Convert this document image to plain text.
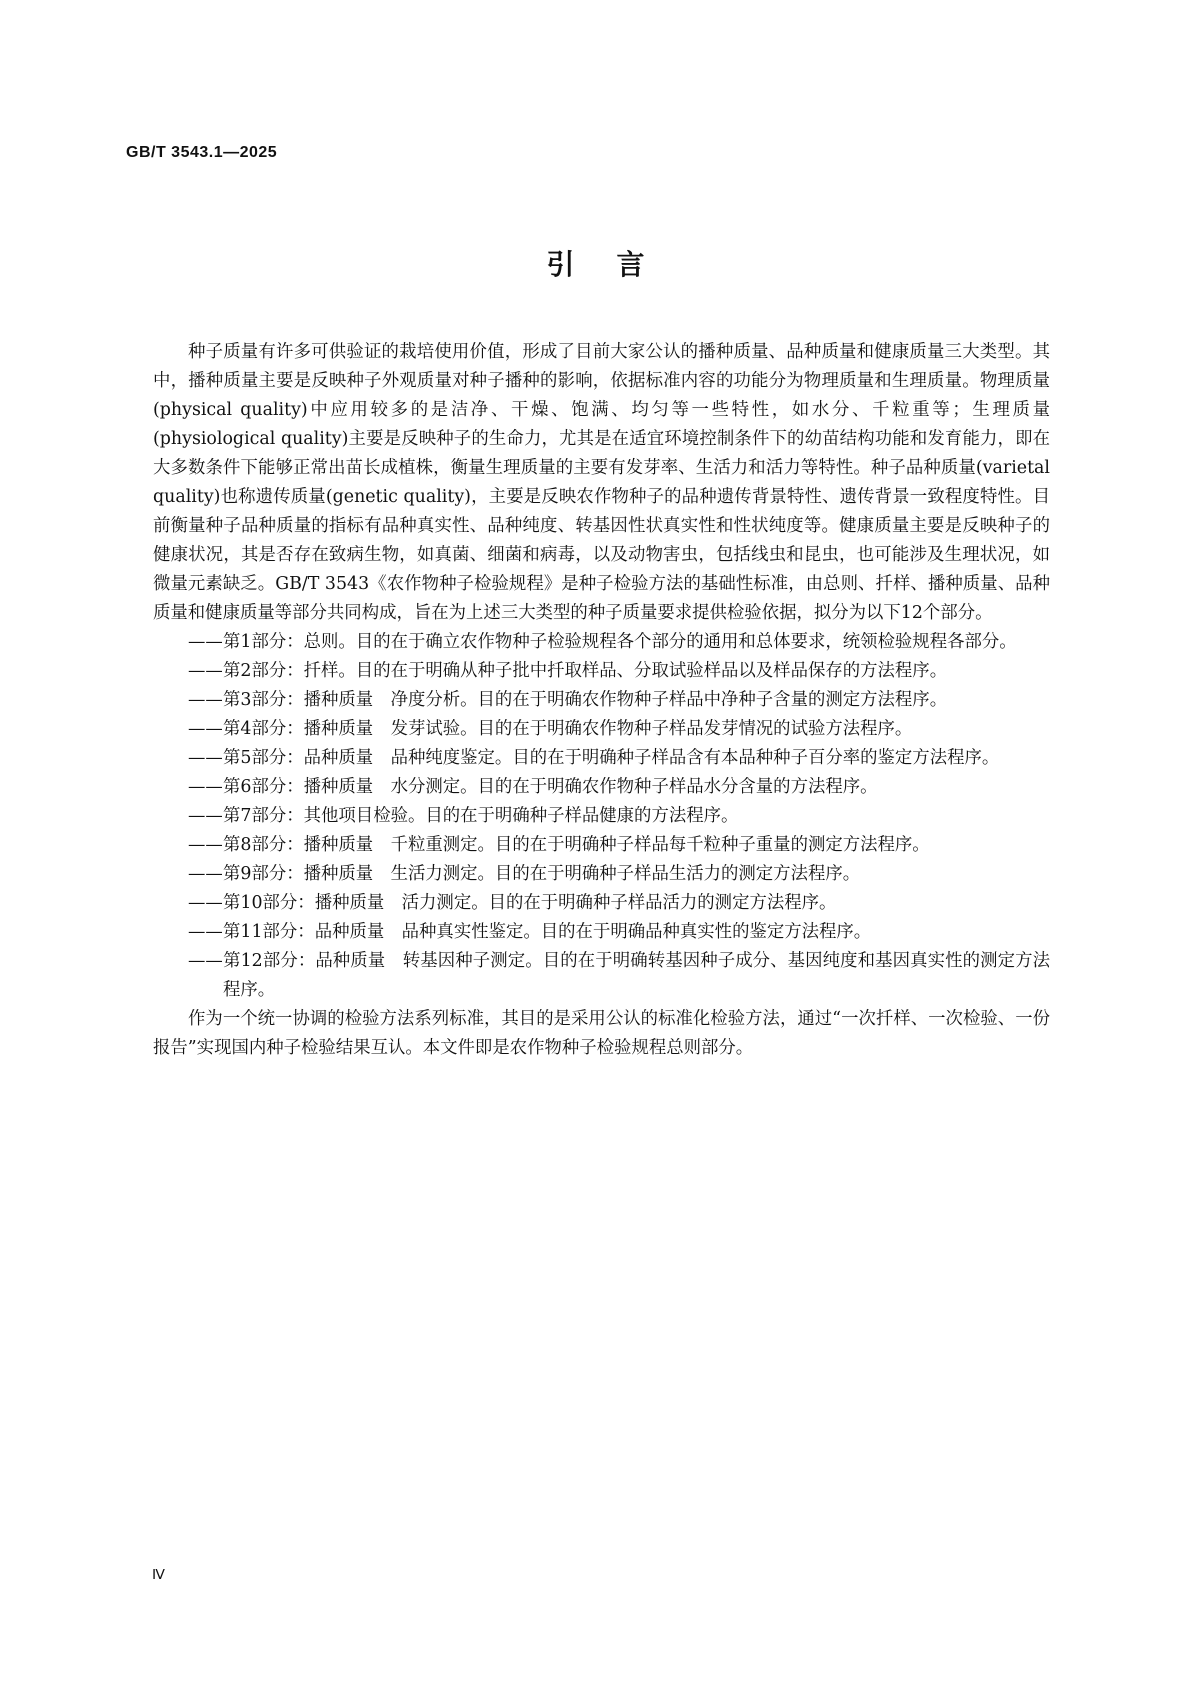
GB/T 3543.1—2025
引言

种子质量有许多可供验证的栽培使用价值，形成了目前大家公认的播种质量、品种质量和健康质量三大类型。其中，播种质量主要是反映种子外观质量对种子播种的影响，依据标准内容的功能分为物理质量和生理质量。物理质量(physical quality)中应用较多的是洁净、干燥、饱满、均匀等一些特性，如水分、千粒重等；生理质量(physiological quality)主要是反映种子的生命力，尤其是在适宜环境控制条件下的幼苗结构功能和发育能力，即在大多数条件下能够正常出苗长成植株，衡量生理质量的主要有发芽率、生活力和活力等特性。种子品种质量(varietal quality)也称遗传质量(genetic quality)，主要是反映农作物种子的品种遗传背景特性、遗传背景一致程度特性。目前衡量种子品种质量的指标有品种真实性、品种纯度、转基因性状真实性和性状纯度等。健康质量主要是反映种子的健康状况，其是否存在致病生物，如真菌、细菌和病毒，以及动物害虫，包括线虫和昆虫，也可能涉及生理状况，如微量元素缺乏。GB/T 3543《农作物种子检验规程》是种子检验方法的基础性标准，由总则、扦样、播种质量、品种质量和健康质量等部分共同构成，旨在为上述三大类型的种子质量要求提供检验依据，拟分为以下12个部分。

——第1部分：总则。目的在于确立农作物种子检验规程各个部分的通用和总体要求，统领检验规程各部分。
——第2部分：扦样。目的在于明确从种子批中扦取样品、分取试验样品以及样品保存的方法程序。
——第3部分：播种质量　净度分析。目的在于明确农作物种子样品中净种子含量的测定方法程序。
——第4部分：播种质量　发芽试验。目的在于明确农作物种子样品发芽情况的试验方法程序。
——第5部分：品种质量　品种纯度鉴定。目的在于明确种子样品含有本品种种子百分率的鉴定方法程序。
——第6部分：播种质量　水分测定。目的在于明确农作物种子样品水分含量的方法程序。
——第7部分：其他项目检验。目的在于明确种子样品健康的方法程序。
——第8部分：播种质量　千粒重测定。目的在于明确种子样品每千粒种子重量的测定方法程序。
——第9部分：播种质量　生活力测定。目的在于明确种子样品生活力的测定方法程序。
——第10部分：播种质量　活力测定。目的在于明确种子样品活力的测定方法程序。
——第11部分：品种质量　品种真实性鉴定。目的在于明确品种真实性的鉴定方法程序。
——第12部分：品种质量　转基因种子测定。目的在于明确转基因种子成分、基因纯度和基因真实性的测定方法程序。

作为一个统一协调的检验方法系列标准，其目的是采用公认的标准化检验方法，通过“一次扦样、一次检验、一份报告”实现国内种子检验结果互认。本文件即是农作物种子检验规程总则部分。

Ⅳ
